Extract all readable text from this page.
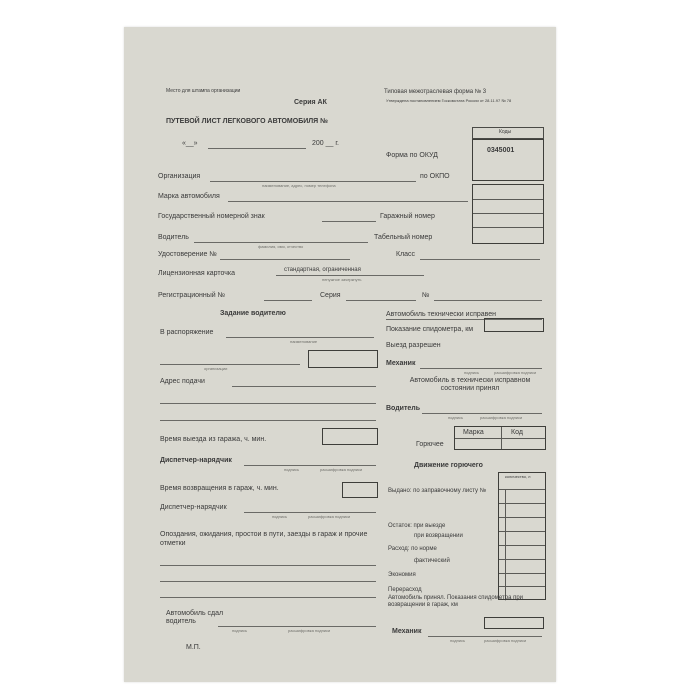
Место для штампа организации
Серия АК
Типовая межотраслевая форма № 3
Утверждена постановлением Госкомстата России от 28.11.97 № 78
ПУТЕВОЙ ЛИСТ ЛЕГКОВОГО АВТОМОБИЛЯ №
«__»	200 __ г.
Коды
Форма по ОКУД
0345001
по ОКПО
Организация
наименование, адрес, номер телефона
Марка автомобиля
Государственный номерной знак	Гаражный номер
Водитель
фамилия, имя, отчество
Табельный номер
Удостоверение №	Класс
Лицензионная карточка	стандартная, ограниченная
ненужное зачеркнуть
Регистрационный №	Серия	№
Задание водителю
В распоряжение
наименование
организации
Адрес подачи
Время выезда из гаража, ч. мин.
Диспетчер-нарядчик
подпись	расшифровка подписи
Время возвращения в гараж, ч. мин.
Диспетчер-нарядчик
подпись	расшифровка подписи
Опоздания, ожидания, простои в пути, заезды в гараж и прочие отметки
Автомобиль сдал водитель
подпись	расшифровка подписи
М.П.
Автомобиль технически исправен
Показание спидометра, км
Выезд разрешен
Механик
подпись	расшифровка подписи
Автомобиль в технически исправном состоянии принял
Водитель
подпись	расшифровка подписи
Горючее
Марка	Код
Движение горючего
количество, л
Выдано: по заправочному листу №
Остаток: при выезде
при возвращении
Расход: по норме
фактический
Экономия
Перерасход
Автомобиль принял. Показания спидометра при возвращении в гараж, км
Механик
подпись	расшифровка подписи
